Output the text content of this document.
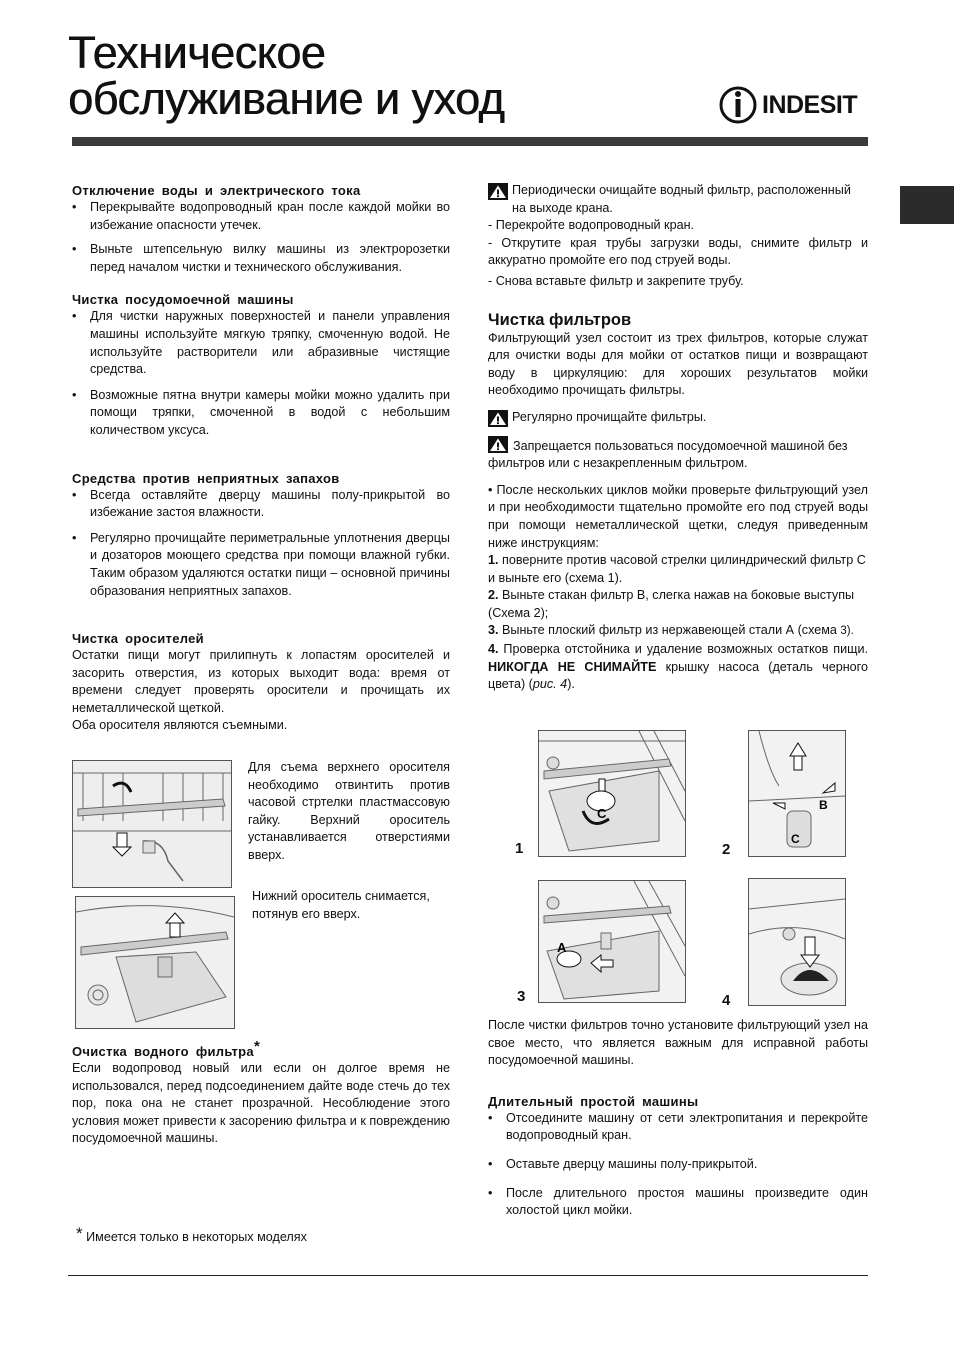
Техническое
обслуживание и уход	INDESIT
Отключение воды и электрического тока
• Перекрывайте водопроводный кран после каждой мойки во избежание опасности утечек.
• Выньте штепсельную вилку машины из электророзетки перед началом чистки и технического обслуживания.
Чистка посудомоечной машины
• Для чистки наружных поверхностей и панели управления машины используйте мягкую тряпку, смоченную водой. Не используйте растворители или абразивные чистящие средства.
• Возможные пятна внутри камеры мойки можно удалить при помощи тряпки, смоченной в водой с небольшим количеством уксуса.
Средства против неприятных запахов
• Всегда оставляйте дверцу машины полу-прикрытой во избежание застоя влажности.
• Регулярно прочищайте периметральные уплотнения дверцы и дозаторов моющего средства при помощи влажной губки. Таким образом удаляются остатки пищи – основной причины образования неприятных запахов.
Чистка оросителей

Остатки пищи могут прилипнуть к лопастям оросителей и засорить отверстия, из которых выходит вода: время от времени следует проверять оросители и прочищать их неметаллической щеткой.

Оба оросителя являются съемными.

Для съема верхнего оросителя необходимо отвинтить против часовой стртелки пластмассовую гайку. Верхний ороситель устанавливается отверстиями вверх.
Нижний ороситель снимается, потянув его вверх.
Очистка водного фильтра*

Если водопровод новый или если он долгое время не использовался, перед подсоединением дайте воде стечь до тех пор, пока она не станет прозрачной. Несоблюдение этого условия может привести к засорению фильтра и к повреждению посудомоечной машины.

* Имеется только в некоторых моделях
Периодически очищайте водный фильтр, расположенный на выходе крана.

- Перекройте водопроводный кран.

- Открутите края трубы загрузки воды, снимите фильтр и аккуратно промойте его под струей воды.

- Снова вставьте фильтр и закрепите трубу.

Чистка фильтров

Фильтрующий узел состоит из трех фильтров, которые служат для очистки воды для мойки от остатков пищи и возвращают воду в циркуляцию: для хороших результатов мойки необходимо прочищать фильтры.

Регулярно прочищайте фильтры.
Запрещается пользоваться посудомоечной машиной без фильтров или с незакрепленным фильтром.

• После нескольких циклов мойки проверьте фильтрующий узел и при необходимости тщательно промойте его под струей воды при помощи неметаллической щетки, следуя приведенным ниже инструкциям:

1. поверните против часовой стрелки цилиндрический фильтр С и выньте его (схема 1).

2. Выньте стакан фильтр В, слегка нажав на боковые выступы (Схема 2);

3. Выньте плоский фильтр из нержавеющей стали А (схема 3).

4. Проверка отстойника и удаление возможных остатков пищи. НИКОГДА НЕ СНИМАЙТЕ крышку насоса (деталь черного цвета) (рис. 4).

C
1
B
C
2
A
3	4

После чистки фильтров точно установите фильтрующий узел на свое место, что является важным для исправной работы посудомоечной машины.

Длительный простой машины
• Отсоедините машину от сети электропитания и перекройте водопроводный кран.
• Оставьте дверцу машины полу-прикрытой.
• После длительного простоя машины произведите один холостой цикл мойки.
